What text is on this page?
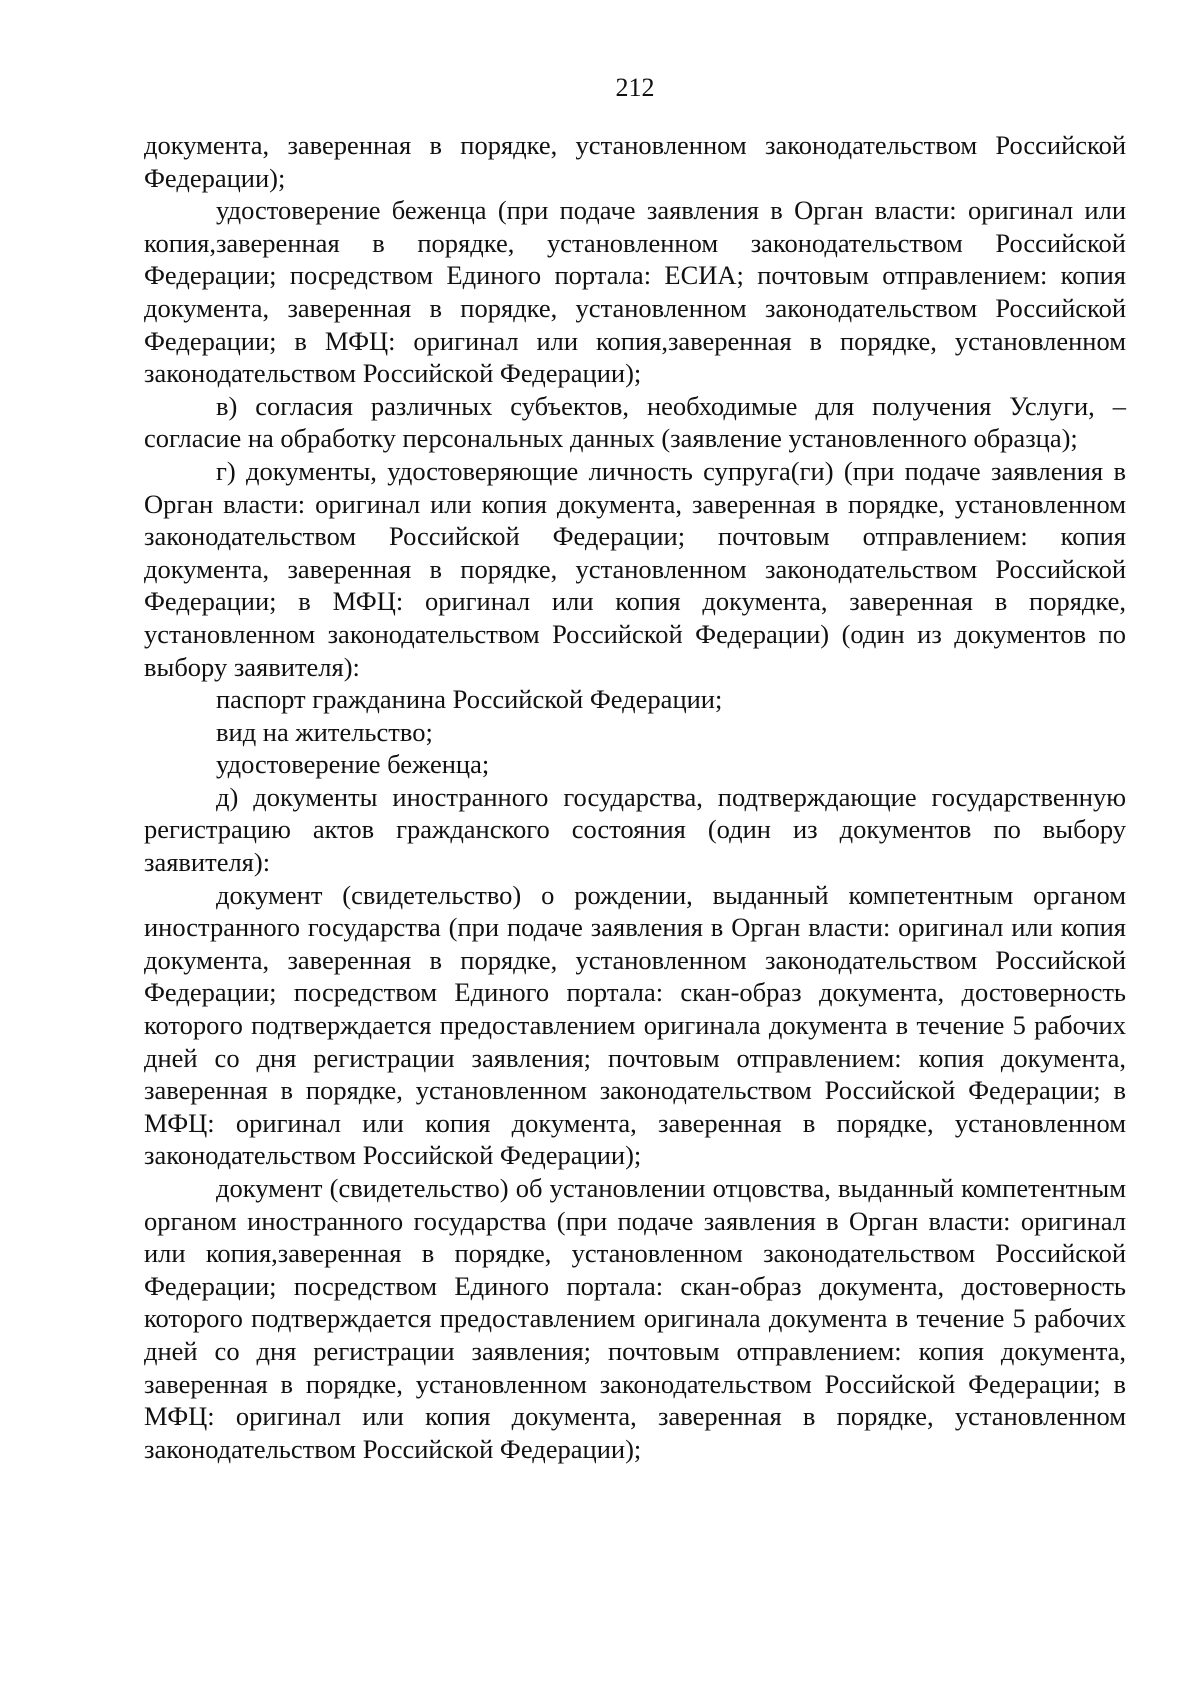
212

документа, заверенная в порядке, установленном законодательством Российской Федерации);

удостоверение беженца (при подаче заявления в Орган власти: оригинал или копия,заверенная в порядке, установленном законодательством Российской Федерации; посредством Единого портала: ЕСИА; почтовым отправлением: копия документа, заверенная в порядке, установленном законодательством Российской Федерации; в МФЦ: оригинал или копия,заверенная в порядке, установленном законодательством Российской Федерации);

в) согласия различных субъектов, необходимые для получения Услуги, – согласие на обработку персональных данных (заявление установленного образца);

г) документы, удостоверяющие личность супруга(ги) (при подаче заявления в Орган власти: оригинал или копия документа, заверенная в порядке, установленном законодательством Российской Федерации; почтовым отправлением: копия документа, заверенная в порядке, установленном законодательством Российской Федерации; в МФЦ: оригинал или копия документа, заверенная в порядке, установленном законодательством Российской Федерации) (один из документов по выбору заявителя):

паспорт гражданина Российской Федерации;

вид на жительство;

удостоверение беженца;

д) документы иностранного государства, подтверждающие государственную регистрацию актов гражданского состояния (один из документов по выбору заявителя):

документ (свидетельство) о рождении, выданный компетентным органом иностранного государства (при подаче заявления в Орган власти: оригинал или копия документа, заверенная в порядке, установленном законодательством Российской Федерации; посредством Единого портала: скан-образ документа, достоверность которого подтверждается предоставлением оригинала документа в течение 5 рабочих дней со дня регистрации заявления; почтовым отправлением: копия документа, заверенная в порядке, установленном законодательством Российской Федерации; в МФЦ: оригинал или копия документа, заверенная в порядке, установленном законодательством Российской Федерации);

документ (свидетельство) об установлении отцовства, выданный компетентным органом иностранного государства (при подаче заявления в Орган власти: оригинал или копия,заверенная в порядке, установленном законодательством Российской Федерации; посредством Единого портала: скан-образ документа, достоверность которого подтверждается предоставлением оригинала документа в течение 5 рабочих дней со дня регистрации заявления; почтовым отправлением: копия документа, заверенная в порядке, установленном законодательством Российской Федерации; в МФЦ: оригинал или копия документа, заверенная в порядке, установленном законодательством Российской Федерации);
